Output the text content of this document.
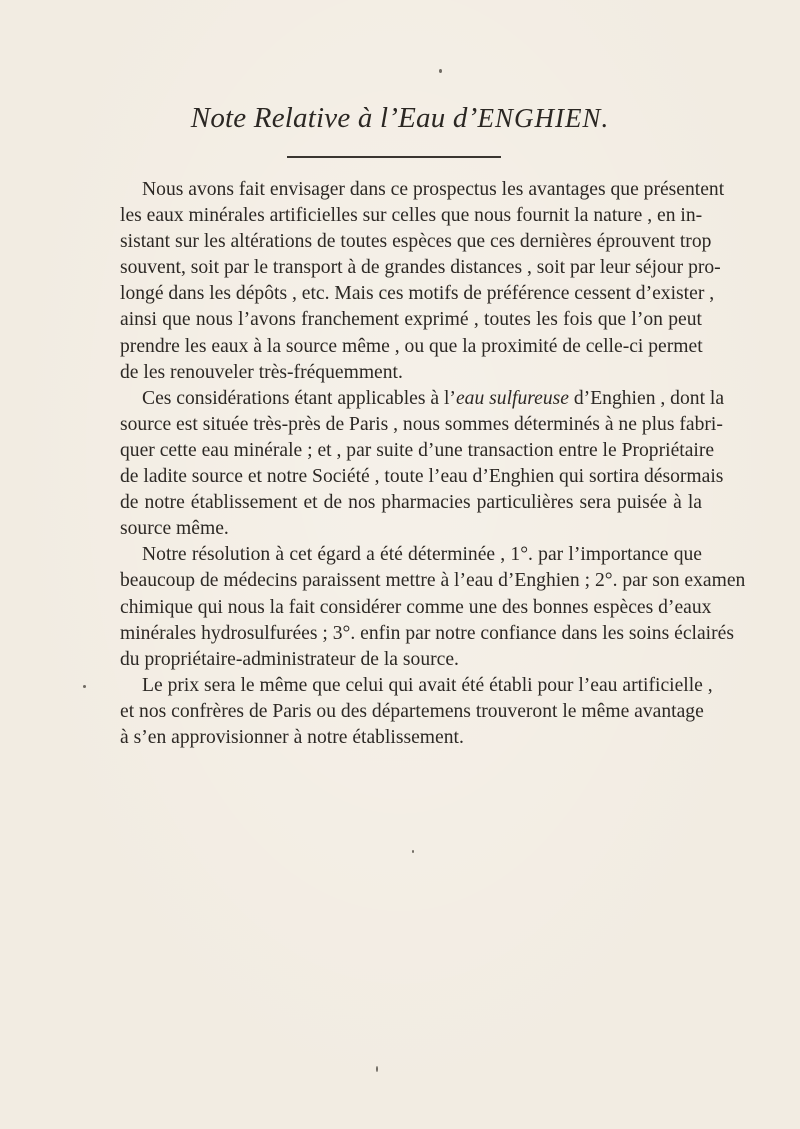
Note Relative à l’Eau d’ENGHIEN.

Nous avons fait envisager dans ce prospectus les avantages que présentent
les eaux minérales artificielles sur celles que nous fournit la nature , en in-
sistant sur les altérations de toutes espèces que ces dernières éprouvent trop
souvent, soit par le transport à de grandes distances , soit par leur séjour pro-
longé dans les dépôts , etc. Mais ces motifs de préférence cessent d’exister ,
ainsi que nous l’avons franchement exprimé , toutes les fois que l’on peut
prendre les eaux à la source même , ou que la proximité de celle-ci permet
de les renouveler très-fréquemment.

Ces considérations étant applicables à l’eau sulfureuse d’Enghien , dont la
source est située très-près de Paris , nous sommes déterminés à ne plus fabri-
quer cette eau minérale ; et , par suite d’une transaction entre le Propriétaire
de ladite source et notre Société , toute l’eau d’Enghien qui sortira désormais
de notre établissement et de nos pharmacies particulières sera puisée à la
source même.

Notre résolution à cet égard a été déterminée , 1°. par l’importance que
beaucoup de médecins paraissent mettre à l’eau d’Enghien ; 2°. par son examen
chimique qui nous la fait considérer comme une des bonnes espèces d’eaux
minérales hydrosulfurées ; 3°. enfin par notre confiance dans les soins éclairés
du propriétaire-administrateur de la source.

Le prix sera le même que celui qui avait été établi pour l’eau artificielle ,
et nos confrères de Paris ou des départemens trouveront le même avantage
à s’en approvisionner à notre établissement.
